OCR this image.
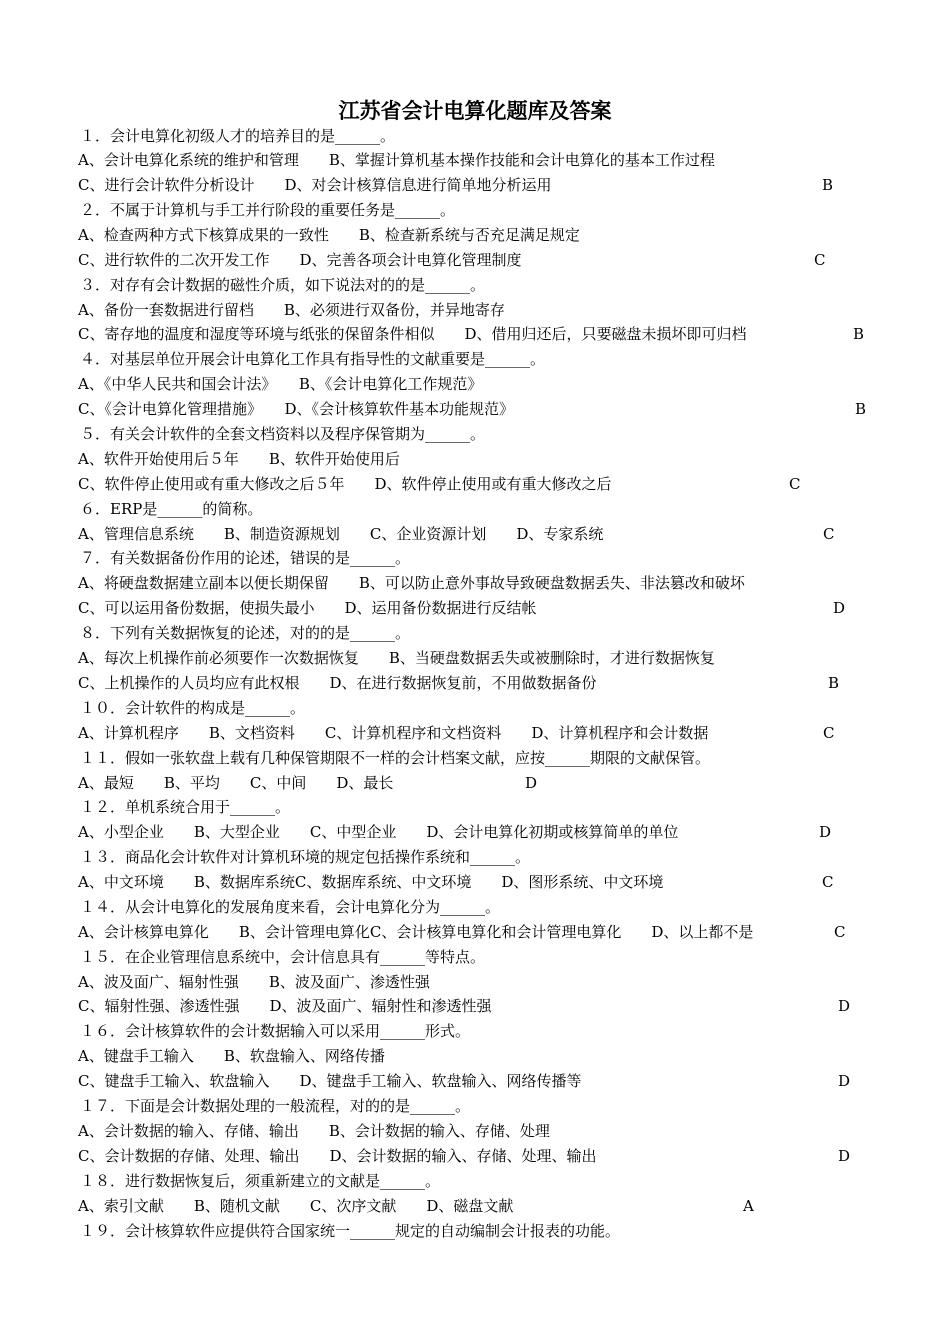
江苏省会计电算化题库及答案
１．会计电算化初级人才的培养目的是______。
A、会计电算化系统的维护和管理　　B、掌握计算机基本操作技能和会计电算化的基本工作过程
C、进行会计软件分析设计　　D、对会计核算信息进行简单地分析运用	B
２．不属于计算机与手工并行阶段的重要任务是______。
A、检查两种方式下核算成果的一致性　　B、检查新系统与否充足满足规定
C、进行软件的二次开发工作　　D、完善各项会计电算化管理制度	C
３．对存有会计数据的磁性介质，如下说法对的的是______。
A、备份一套数据进行留档　　B、必须进行双备份，并异地寄存
C、寄存地的温度和湿度等环境与纸张的保留条件相似　　D、借用归还后，只要磁盘未损坏即可归档	B
４．对基层单位开展会计电算化工作具有指导性的文献重要是______。
A、《中华人民共和国会计法》　　B、《会计电算化工作规范》
C、《会计电算化管理措施》　　D、《会计核算软件基本功能规范》	B
５．有关会计软件的全套文档资料以及程序保管期为______。
A、软件开始使用后５年　　B、软件开始使用后
C、软件停止使用或有重大修改之后５年　　D、软件停止使用或有重大修改之后	C
６．ERP是______的简称。
A、管理信息系统　　B、制造资源规划　　C、企业资源计划　　D、专家系统	C
７．有关数据备份作用的论述，错误的是______。
A、将硬盘数据建立副本以便长期保留　　B、可以防止意外事故导致硬盘数据丢失、非法篡改和破坏
C、可以运用备份数据，使损失最小　　D、运用备份数据进行反结帐	D
８．下列有关数据恢复的论述，对的的是______。
A、每次上机操作前必须要作一次数据恢复　　B、当硬盘数据丢失或被删除时，才进行数据恢复
C、上机操作的人员均应有此权根　　D、在进行数据恢复前，不用做数据备份	B
１０．会计软件的构成是______。
A、计算机程序　　B、文档资料　　C、计算机程序和文档资料　　D、计算机程序和会计数据	C
１１．假如一张软盘上载有几种保管期限不一样的会计档案文献，应按______期限的文献保管。
A、最短　　B、平均　　C、中间　　D、最长	D
１２．单机系统合用于______。
A、小型企业　　B、大型企业　　C、中型企业　　D、会计电算化初期或核算简单的单位	D
１３．商品化会计软件对计算机环境的规定包括操作系统和______。
A、中文环境　　B、数据库系统C、数据库系统、中文环境　　D、图形系统、中文环境	C
１４．从会计电算化的发展角度来看，会计电算化分为______。
A、会计核算电算化　　B、会计管理电算化C、会计核算电算化和会计管理电算化　　D、以上都不是	C
１５．在企业管理信息系统中，会计信息具有______等特点。
A、波及面广、辐射性强　　B、波及面广、渗透性强
C、辐射性强、渗透性强　　D、波及面广、辐射性和渗透性强	D
１６．会计核算软件的会计数据输入可以采用______形式。
A、键盘手工输入　　B、软盘输入、网络传播
C、键盘手工输入、软盘输入　　D、键盘手工输入、软盘输入、网络传播等	D
１７．下面是会计数据处理的一般流程，对的的是______。
A、会计数据的输入、存储、输出　　B、会计数据的输入、存储、处理
C、会计数据的存储、处理、输出　　D、会计数据的输入、存储、处理、输出	D
１８．进行数据恢复后，须重新建立的文献是______。
A、索引文献　　B、随机文献　　C、次序文献　　D、磁盘文献	A
１９．会计核算软件应提供符合国家统一______规定的自动编制会计报表的功能。
